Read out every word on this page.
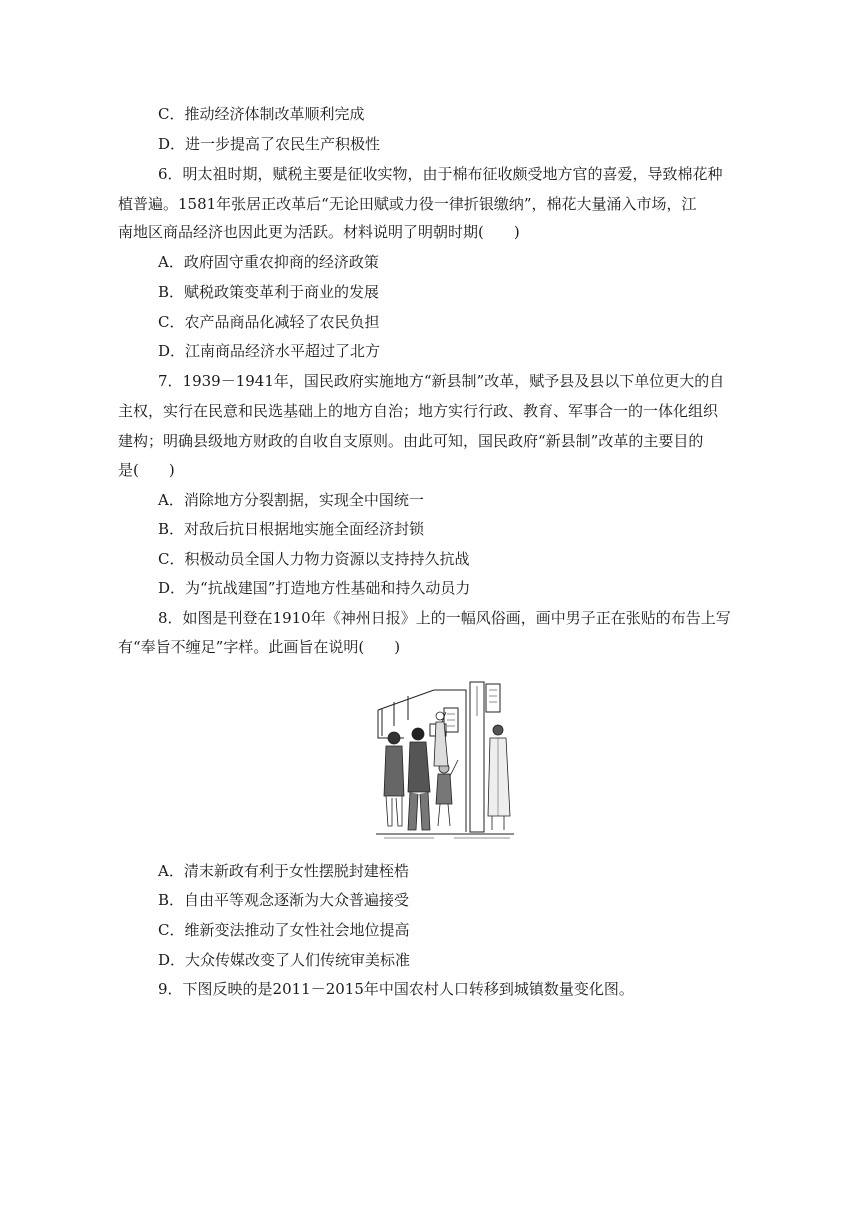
C．推动经济体制改革顺利完成
D．进一步提高了农民生产积极性
6．明太祖时期，赋税主要是征收实物，由于棉布征收颇受地方官的喜爱，导致棉花种
植普遍。1581年张居正改革后“无论田赋或力役一律折银缴纳”，棉花大量涌入市场，江
南地区商品经济也因此更为活跃。材料说明了明朝时期(　　)
A．政府固守重农抑商的经济政策
B．赋税政策变革利于商业的发展
C．农产品商品化减轻了农民负担
D．江南商品经济水平超过了北方
7．1939－1941年，国民政府实施地方“新县制”改革，赋予县及县以下单位更大的自
主权，实行在民意和民选基础上的地方自治；地方实行行政、教育、军事合一的一体化组织
建构；明确县级地方财政的自收自支原则。由此可知，国民政府“新县制”改革的主要目的
是(　　)
A．消除地方分裂割据，实现全中国统一
B．对敌后抗日根据地实施全面经济封锁
C．积极动员全国人力物力资源以支持持久抗战
D．为“抗战建国”打造地方性基础和持久动员力
8．如图是刊登在1910年《神州日报》上的一幅风俗画，画中男子正在张贴的布告上写
有“奉旨不缠足”字样。此画旨在说明(　　)
A．清末新政有利于女性摆脱封建桎梏
B．自由平等观念逐渐为大众普遍接受
C．维新变法推动了女性社会地位提高
D．大众传媒改变了人们传统审美标准
9．下图反映的是2011－2015年中国农村人口转移到城镇数量变化图。
